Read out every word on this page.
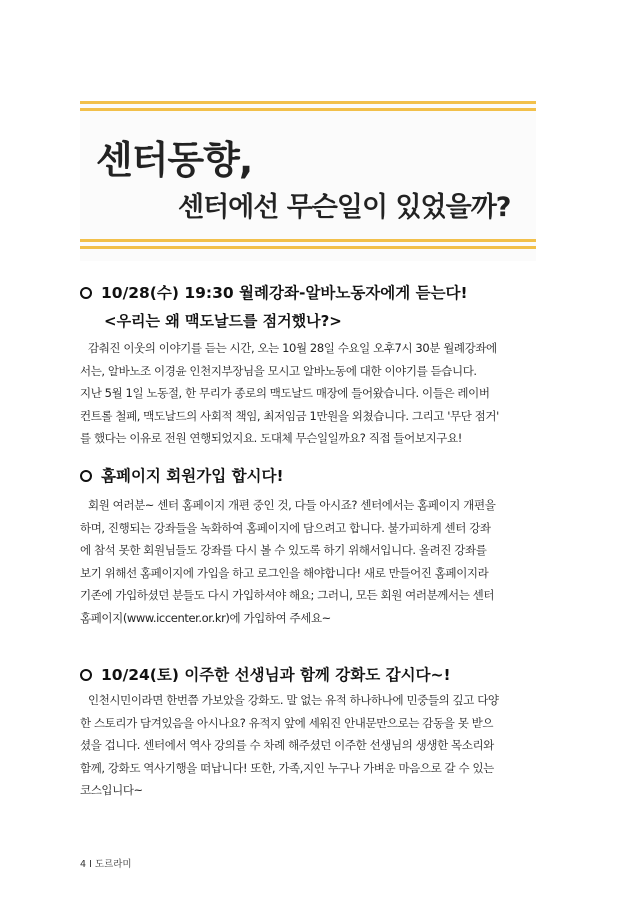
센터동향,
센터에선 무슨일이 있었을까?
10/28(수) 19:30 월례강좌-알바노동자에게 듣는다!
<우리는 왜 맥도날드를 점거했나?>

감춰진 이웃의 이야기를 듣는 시간, 오는 10월 28일 수요일 오후7시 30분 월례강좌에

서는, 알바노조 이경윤 인천지부장님을 모시고 알바노동에 대한 이야기를 듣습니다.

지난 5월 1일 노동절, 한 무리가 종로의 맥도날드 매장에 들어왔습니다. 이들은 레이버

컨트롤 철폐, 맥도날드의 사회적 책임, 최저임금 1만원을 외쳤습니다. 그리고 '무단 점거'

를 했다는 이유로 전원 연행되었지요. 도대체 무슨일일까요? 직접 들어보지구요!

홈페이지 회원가입 합시다!

회원 여러분~ 센터 홈페이지 개편 중인 것, 다들 아시죠? 센터에서는 홈페이지 개편을

하며, 진행되는 강좌들을 녹화하여 홈페이지에 담으려고 합니다. 불가피하게 센터 강좌

에 참석 못한 회원님들도 강좌를 다시 볼 수 있도록 하기 위해서입니다. 올려진 강좌를

보기 위해선 홈페이지에 가입을 하고 로그인을 해야합니다! 새로 만들어진 홈페이지라

기존에 가입하셨던 분들도 다시 가입하셔야 해요; 그러니, 모든 회원 여러분께서는 센터

홈페이지(www.iccenter.or.kr)에 가입하여 주세요~

10/24(토) 이주한 선생님과 함께 강화도 갑시다~!

인천시민이라면 한번쯤 가보았을 강화도. 말 없는 유적 하나하나에 민중들의 깊고 다양

한 스토리가 담겨있음을 아시나요? 유적지 앞에 세워진 안내문만으로는 감동을 못 받으

셨을 겁니다. 센터에서 역사 강의를 수 차례 해주셨던 이주한 선생님의 생생한 목소리와

함께, 강화도 역사기행을 떠납니다! 또한, 가족,지인 누구나 가벼운 마음으로 갈 수 있는

코스입니다~

4 I 도르라미
